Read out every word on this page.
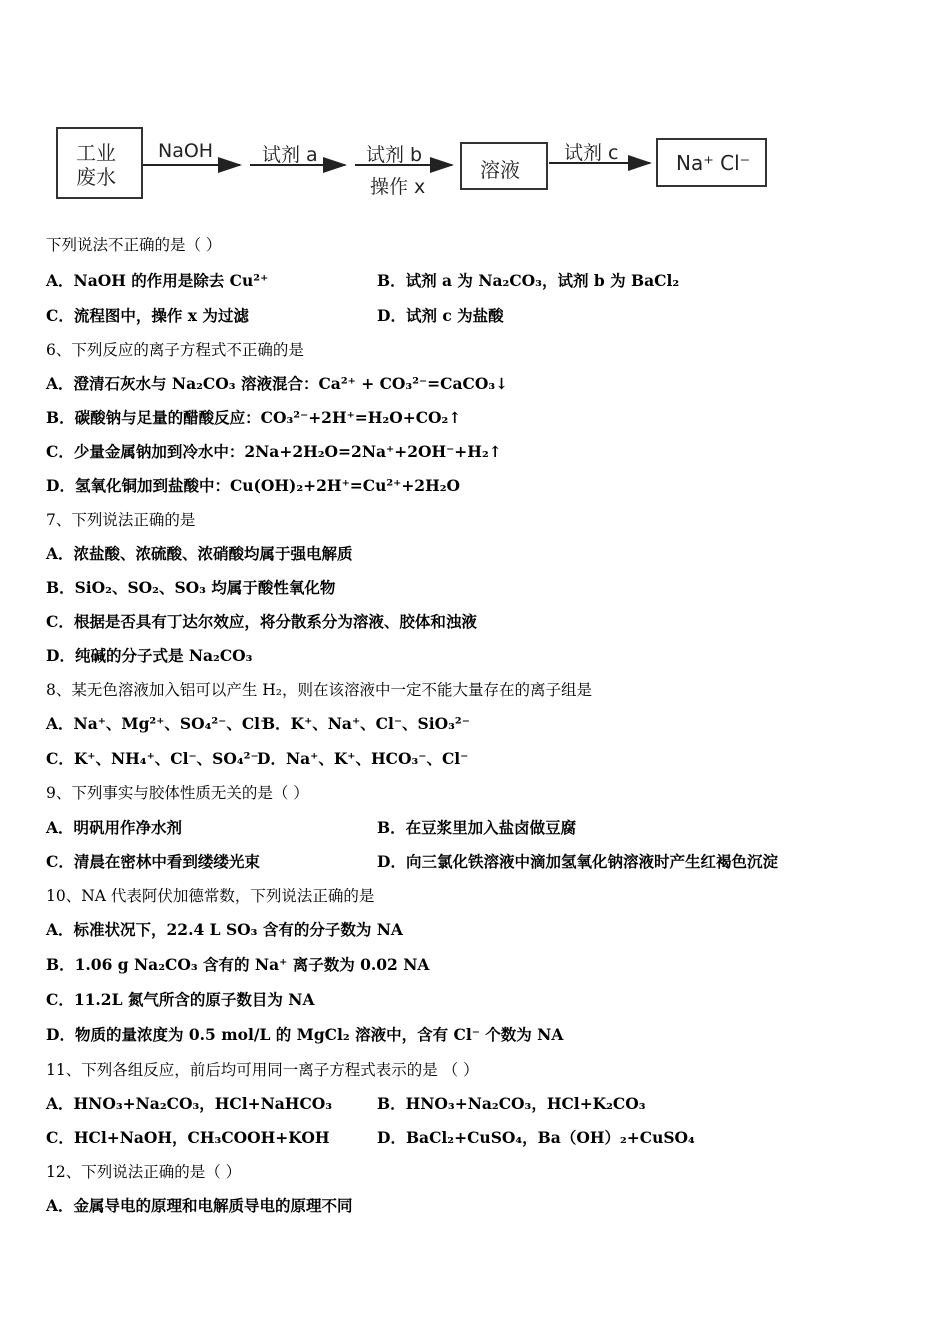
工业
废水
NaOH	试剂 a	试剂 b
操作 x
溶液
试剂 c	Na⁺ Cl⁻
下列说法不正确的是（ ）
A．NaOH 的作用是除去 Cu²⁺	B．试剂 a 为 Na₂CO₃，试剂 b 为 BaCl₂
C．流程图中，操作 x 为过滤	D．试剂 c 为盐酸
6、下列反应的离子方程式不正确的是
A．澄清石灰水与 Na₂CO₃ 溶液混合：Ca²⁺ + CO₃²⁻=CaCO₃↓
B．碳酸钠与足量的醋酸反应：CO₃²⁻+2H⁺=H₂O+CO₂↑
C．少量金属钠加到冷水中：2Na+2H₂O=2Na⁺+2OH⁻+H₂↑
D．氢氧化铜加到盐酸中：Cu(OH)₂+2H⁺=Cu²⁺+2H₂O
7、下列说法正确的是
A．浓盐酸、浓硫酸、浓硝酸均属于强电解质
B．SiO₂、SO₂、SO₃ 均属于酸性氧化物
C．根据是否具有丁达尔效应，将分散系分为溶液、胶体和浊液
D．纯碱的分子式是 Na₂CO₃
8、某无色溶液加入铝可以产生 H₂，则在该溶液中一定不能大量存在的离子组是
A．Na⁺、Mg²⁺、SO₄²⁻、Cl⁻
B．K⁺、Na⁺、Cl⁻、SiO₃²⁻
C．K⁺、NH₄⁺、Cl⁻、SO₄²⁻
D．Na⁺、K⁺、HCO₃⁻、Cl⁻
9、下列事实与胶体性质无关的是（ ）
A．明矾用作净水剂	B．在豆浆里加入盐卤做豆腐
C．清晨在密林中看到缕缕光束	D．向三氯化铁溶液中滴加氢氧化钠溶液时产生红褐色沉淀
10、NA 代表阿伏加德常数，下列说法正确的是
A．标准状况下，22.4 L SO₃ 含有的分子数为 NA
B．1.06 g Na₂CO₃ 含有的 Na⁺ 离子数为 0.02 NA
C．11.2L 氮气所含的原子数目为 NA
D．物质的量浓度为 0.5 mol/L 的 MgCl₂ 溶液中，含有 Cl⁻ 个数为 NA
11、下列各组反应，前后均可用同一离子方程式表示的是 （ ）
A．HNO₃+Na₂CO₃，HCl+NaHCO₃	B．HNO₃+Na₂CO₃，HCl+K₂CO₃
C．HCl+NaOH，CH₃COOH+KOH	D．BaCl₂+CuSO₄，Ba（OH）₂+CuSO₄
12、下列说法正确的是（ ）
A．金属导电的原理和电解质导电的原理不同
